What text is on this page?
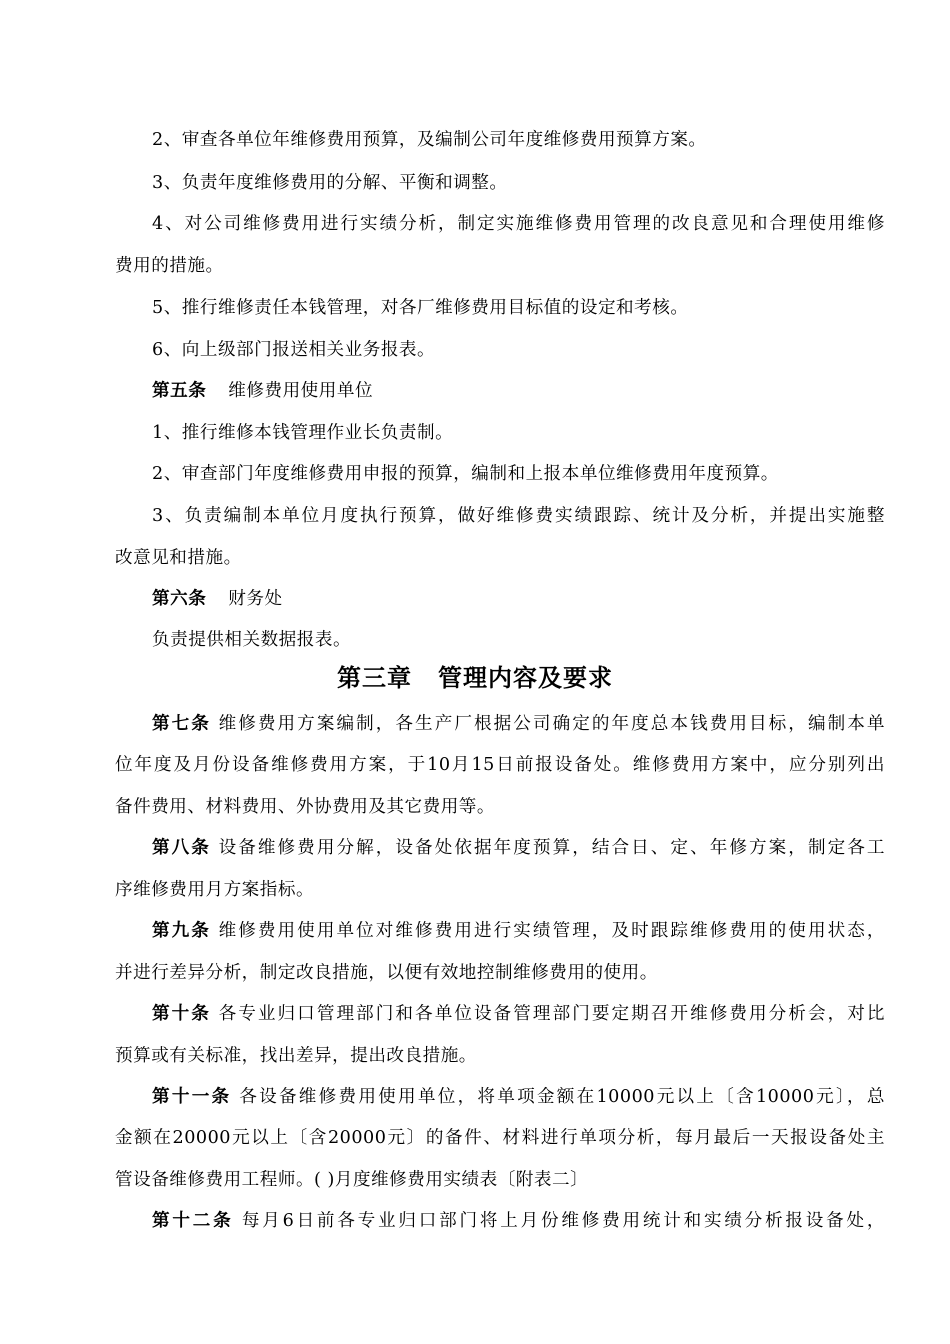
2、审查各单位年维修费用预算，及编制公司年度维修费用预算方案。
3、负责年度维修费用的分解、平衡和调整。
4、对公司维修费用进行实绩分析，制定实施维修费用管理的改良意见和合理使用维修
费用的措施。
5、推行维修责任本钱管理，对各厂维修费用目标值的设定和考核。
6、向上级部门报送相关业务报表。
第五条 维修费用使用单位
1、推行维修本钱管理作业长负责制。
2、审查部门年度维修费用申报的预算，编制和上报本单位维修费用年度预算。
3、负责编制本单位月度执行预算，做好维修费实绩跟踪、统计及分析，并提出实施整
改意见和措施。
第六条 财务处
负责提供相关数据报表。
第三章 管理内容及要求
第七条 维修费用方案编制，各生产厂根据公司确定的年度总本钱费用目标，编制本单
位年度及月份设备维修费用方案，于10月15日前报设备处。维修费用方案中，应分别列出
备件费用、材料费用、外协费用及其它费用等。
第八条 设备维修费用分解，设备处依据年度预算，结合日、定、年修方案，制定各工
序维修费用月方案指标。
第九条 维修费用使用单位对维修费用进行实绩管理，及时跟踪维修费用的使用状态，
并进行差异分析，制定改良措施，以便有效地控制维修费用的使用。
第十条 各专业归口管理部门和各单位设备管理部门要定期召开维修费用分析会，对比
预算或有关标准，找出差异，提出改良措施。
第十一条 各设备维修费用使用单位，将单项金额在10000元以上〔含10000元〕，总
金额在20000元以上〔含20000元〕的备件、材料进行单项分析，每月最后一天报设备处主
管设备维修费用工程师。( )月度维修费用实绩表〔附表二〕
第十二条 每月6日前各专业归口部门将上月份维修费用统计和实绩分析报设备处，
